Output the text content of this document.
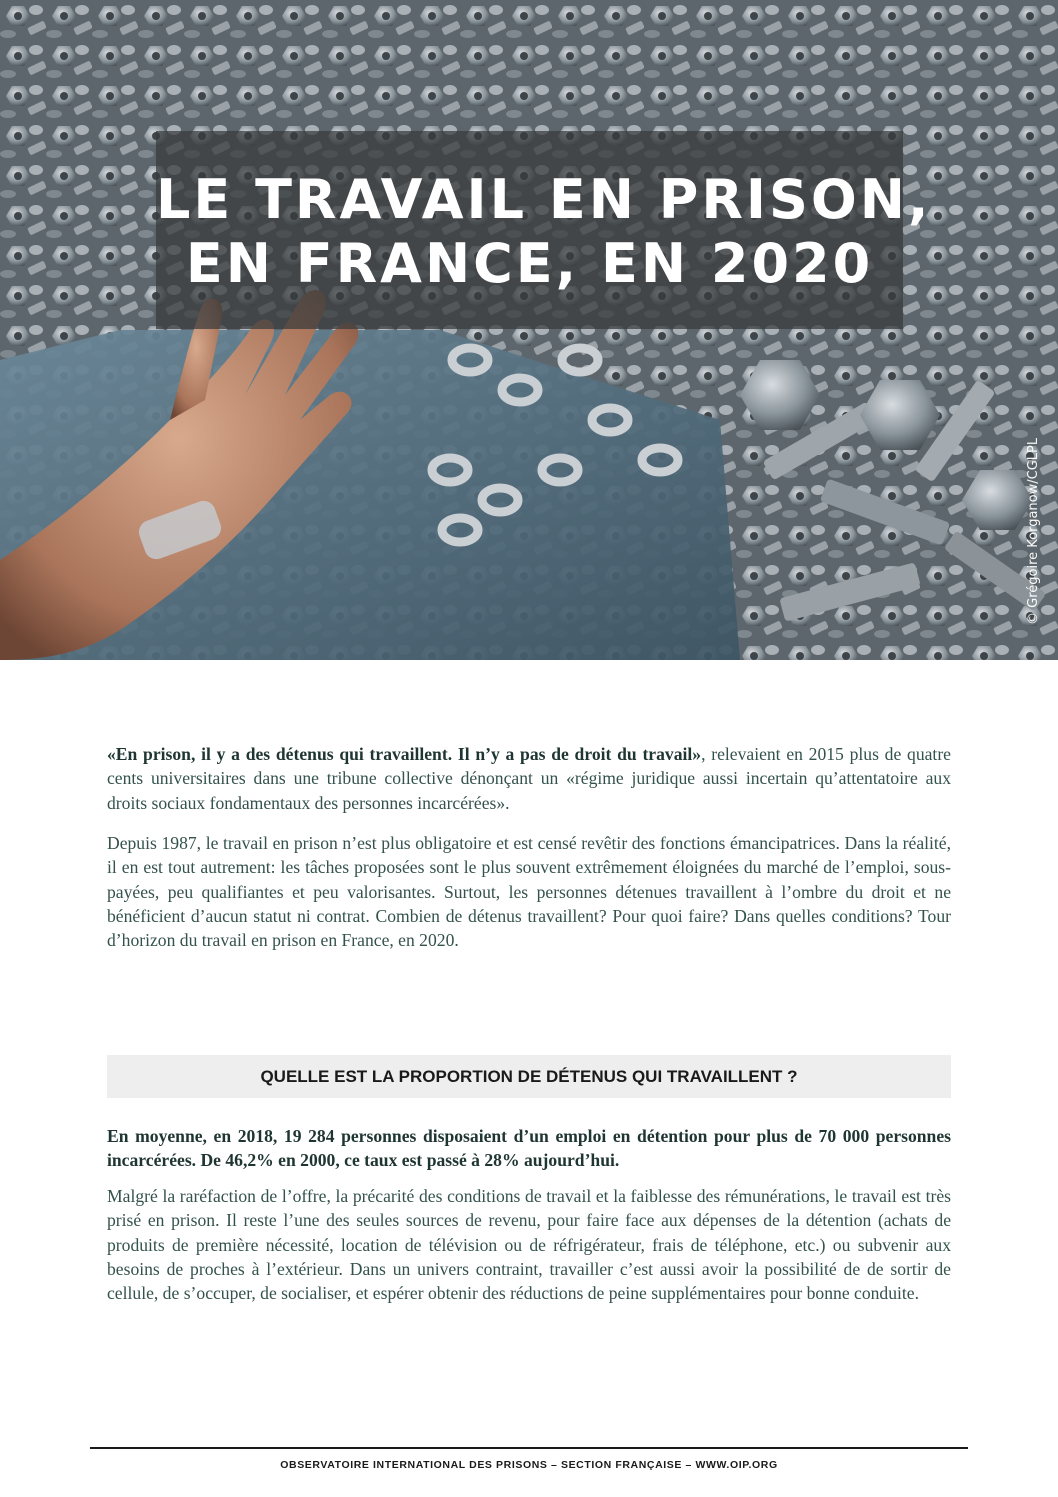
LE TRAVAIL EN PRISON,
EN FRANCE, EN 2020
© Grégoire Korganow/CGLPL

«En prison, il y a des détenus qui travaillent. Il n’y a pas de droit du travail», relevaient en 2015 plus de quatre cents universitaires dans une tribune collective dénonçant un «régime juridique aussi incertain qu’attentatoire aux droits sociaux fondamentaux des personnes incarcérées».

Depuis 1987, le travail en prison n’est plus obligatoire et est censé revêtir des fonctions émancipatrices. Dans la réalité, il en est tout autrement: les tâches proposées sont le plus souvent extrêmement éloignées du marché de l’emploi, sous-payées, peu qualifiantes et peu valorisantes. Surtout, les personnes détenues travaillent à l’ombre du droit et ne bénéficient d’aucun statut ni contrat. Combien de détenus travaillent? Pour quoi faire? Dans quelles conditions? Tour d’horizon du travail en prison en France, en 2020.

QUELLE EST LA PROPORTION DE DÉTENUS QUI TRAVAILLENT ?

En moyenne, en 2018, 19 284 personnes disposaient d’un emploi en détention pour plus de 70 000 personnes incarcérées. De 46,2% en 2000, ce taux est passé à 28% aujourd’hui.

Malgré la raréfaction de l’offre, la précarité des conditions de travail et la faiblesse des rémunérations, le travail est très prisé en prison. Il reste l’une des seules sources de revenu, pour faire face aux dépenses de la détention (achats de produits de première nécessité, location de télévision ou de réfrigérateur, frais de téléphone, etc.) ou subvenir aux besoins de proches à l’extérieur. Dans un univers contraint, travailler c’est aussi avoir la possibilité de de sortir de cellule, de s’occuper, de socialiser, et espérer obtenir des réductions de peine supplémentaires pour bonne conduite.

OBSERVATOIRE INTERNATIONAL DES PRISONS – SECTION FRANÇAISE – WWW.OIP.ORG
